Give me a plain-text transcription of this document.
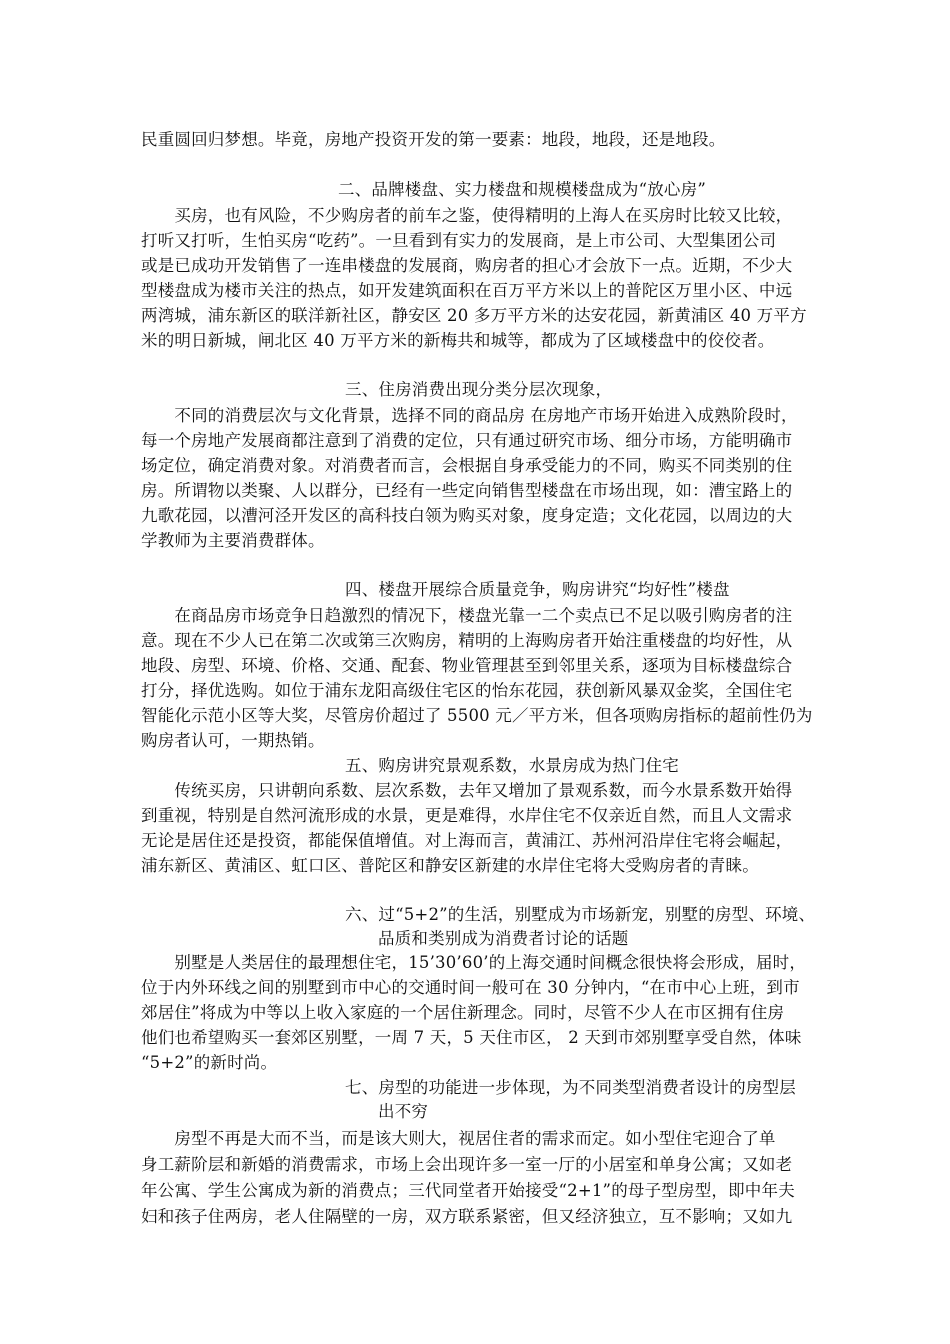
民重圆回归梦想。毕竟，房地产投资开发的第一要素：地段，地段，还是地段。
二、品牌楼盘、实力楼盘和规模楼盘成为“放心房”
　　买房，也有风险，不少购房者的前车之鉴，使得精明的上海人在买房时比较又比较，
打听又打听，生怕买房“吃药”。一旦看到有实力的发展商，是上市公司、大型集团公司
或是已成功开发销售了一连串楼盘的发展商，购房者的担心才会放下一点。近期，不少大
型楼盘成为楼市关注的热点，如开发建筑面积在百万平方米以上的普陀区万里小区、中远
两湾城，浦东新区的联洋新社区，静安区 20 多万平方米的达安花园，新黄浦区 40 万平方
米的明日新城，闸北区 40 万平方米的新梅共和城等，都成为了区域楼盘中的佼佼者。
三、住房消费出现分类分层次现象，
　　不同的消费层次与文化背景，选择不同的商品房 在房地产市场开始进入成熟阶段时，
每一个房地产发展商都注意到了消费的定位，只有通过研究市场、细分市场，方能明确市
场定位，确定消费对象。对消费者而言，会根据自身承受能力的不同，购买不同类别的住
房。所谓物以类聚、人以群分，已经有一些定向销售型楼盘在市场出现，如：漕宝路上的
九歌花园，以漕河泾开发区的高科技白领为购买对象，度身定造；文化花园，以周边的大
学教师为主要消费群体。
四、楼盘开展综合质量竞争，购房讲究“均好性”楼盘
　　在商品房市场竞争日趋激烈的情况下，楼盘光靠一二个卖点已不足以吸引购房者的注
意。现在不少人已在第二次或第三次购房，精明的上海购房者开始注重楼盘的均好性，从
地段、房型、环境、价格、交通、配套、物业管理甚至到邻里关系，逐项为目标楼盘综合
打分，择优选购。如位于浦东龙阳高级住宅区的怡东花园，获创新风暴双金奖，全国住宅
智能化示范小区等大奖，尽管房价超过了 5500 元／平方米，但各项购房指标的超前性仍为
购房者认可，一期热销。
五、购房讲究景观系数，水景房成为热门住宅
　　传统买房，只讲朝向系数、层次系数，去年又增加了景观系数，而今水景系数开始得
到重视，特别是自然河流形成的水景，更是难得，水岸住宅不仅亲近自然，而且人文需求
无论是居住还是投资，都能保值增值。对上海而言，黄浦江、苏州河沿岸住宅将会崛起，
浦东新区、黄浦区、虹口区、普陀区和静安区新建的水岸住宅将大受购房者的青睐。
六、过“5+2”的生活，别墅成为市场新宠，别墅的房型、环境、
品质和类别成为消费者讨论的话题
　　别墅是人类居住的最理想住宅，15’30’60’的上海交通时间概念很快将会形成，届时，
位于内外环线之间的别墅到市中心的交通时间一般可在 30 分钟内，“在市中心上班，到市
郊居住”将成为中等以上收入家庭的一个居住新理念。同时，尽管不少人在市区拥有住房
他们也希望购买一套郊区别墅，一周 7 天，5 天住市区， 2 天到市郊别墅享受自然，体味
“5+2”的新时尚。
七、房型的功能进一步体现，为不同类型消费者设计的房型层
出不穷
　　房型不再是大而不当，而是该大则大，视居住者的需求而定。如小型住宅迎合了单
身工薪阶层和新婚的消费需求，市场上会出现许多一室一厅的小居室和单身公寓；又如老
年公寓、学生公寓成为新的消费点；三代同堂者开始接受“2+1”的母子型房型，即中年夫
妇和孩子住两房，老人住隔壁的一房，双方联系紧密，但又经济独立，互不影响；又如九
